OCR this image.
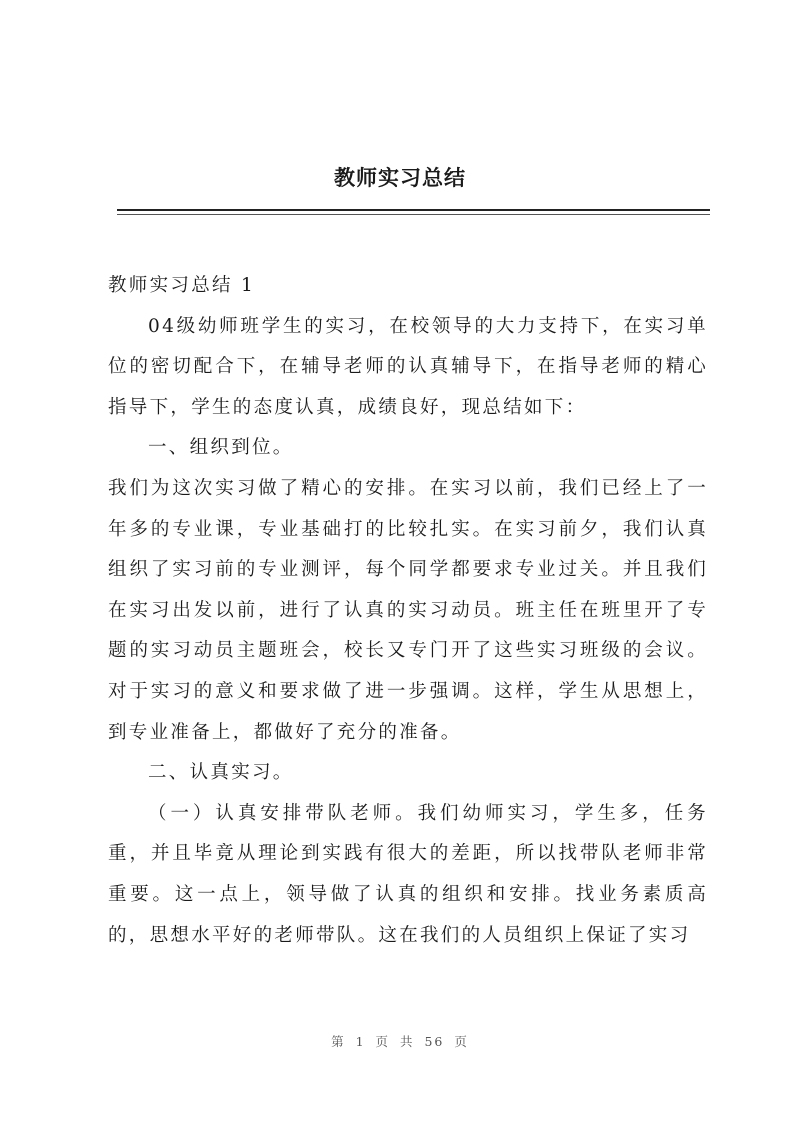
教师实习总结

教师实习总结 1

04级幼师班学生的实习，在校领导的大力支持下，在实习单位的密切配合下，在辅导老师的认真辅导下，在指导老师的精心指导下，学生的态度认真，成绩良好，现总结如下：

一、组织到位。

我们为这次实习做了精心的安排。在实习以前，我们已经上了一年多的专业课，专业基础打的比较扎实。在实习前夕，我们认真组织了实习前的专业测评，每个同学都要求专业过关。并且我们在实习出发以前，进行了认真的实习动员。班主任在班里开了专题的实习动员主题班会，校长又专门开了这些实习班级的会议。对于实习的意义和要求做了进一步强调。这样，学生从思想上，到专业准备上，都做好了充分的准备。

二、认真实习。

（一）认真安排带队老师。我们幼师实习，学生多，任务重，并且毕竟从理论到实践有很大的差距，所以找带队老师非常重要。这一点上，领导做了认真的组织和安排。找业务素质高的，思想水平好的老师带队。这在我们的人员组织上保证了实习

第 1 页 共 56 页
